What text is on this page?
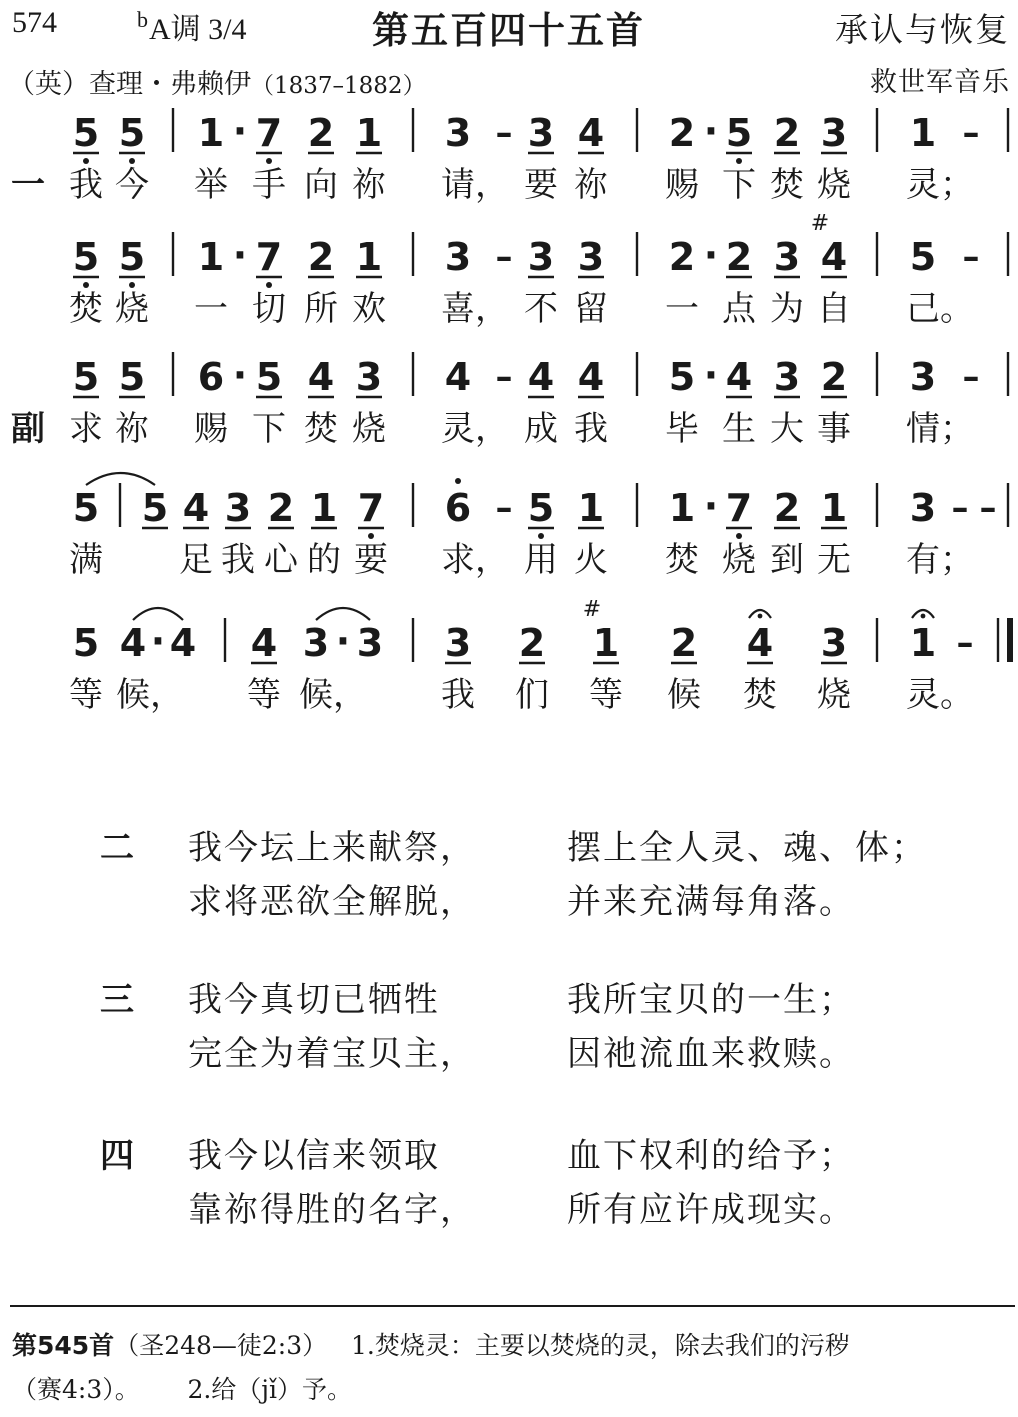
574	$^b$A调 3/4	第五百四十五首	承认与恢复
（英）查理・弗赖伊（1837–1882）	救世军音乐
一
5 5 1 · 7 2 1 3 – 3 4 2 · 5 2 3 1 –
我 今 举 手 向 祢 请， 要 祢 赐 下 焚 烧 灵；
5 5 1 · 7 2 1 3 – 3 3 2 · 2 3 4
#
5 –
焚 烧 一 切 所 欢 喜， 不 留 一 点 为 自 己。
副
5 5 6 · 5 4 3 4 – 4 4 5 · 4 3 2 3 –
求 祢 赐 下 焚 烧 灵， 成 我 毕 生 大 事 情；
5 5 4 3 2 1 7 6 – 5 1 1 · 7 2 1 3 – –
满 足 我 心 的 要 求， 用 火 焚 烧 到 无 有；
5 4 · 4 4 3 · 3 3 2 1
#
2 4 3 1 –
等 候， 等 候， 我 们 等 候 焚 烧 灵。
二 我今坛上来献祭，	摆上全人灵、魂、体；
求将恶欲全解脱，	并来充满每角落。
三 我今真切已牺牲	我所宝贝的一生；
完全为着宝贝主，	因祂流血来救赎。
四 我今以信来领取	血下权利的给予；
靠祢得胜的名字，	所有应许成现实。
第545首（圣248—徒2:3） 1.焚烧灵：主要以焚烧的灵，除去我们的污秽
（赛4:3）。 2.给（jǐ）予。
